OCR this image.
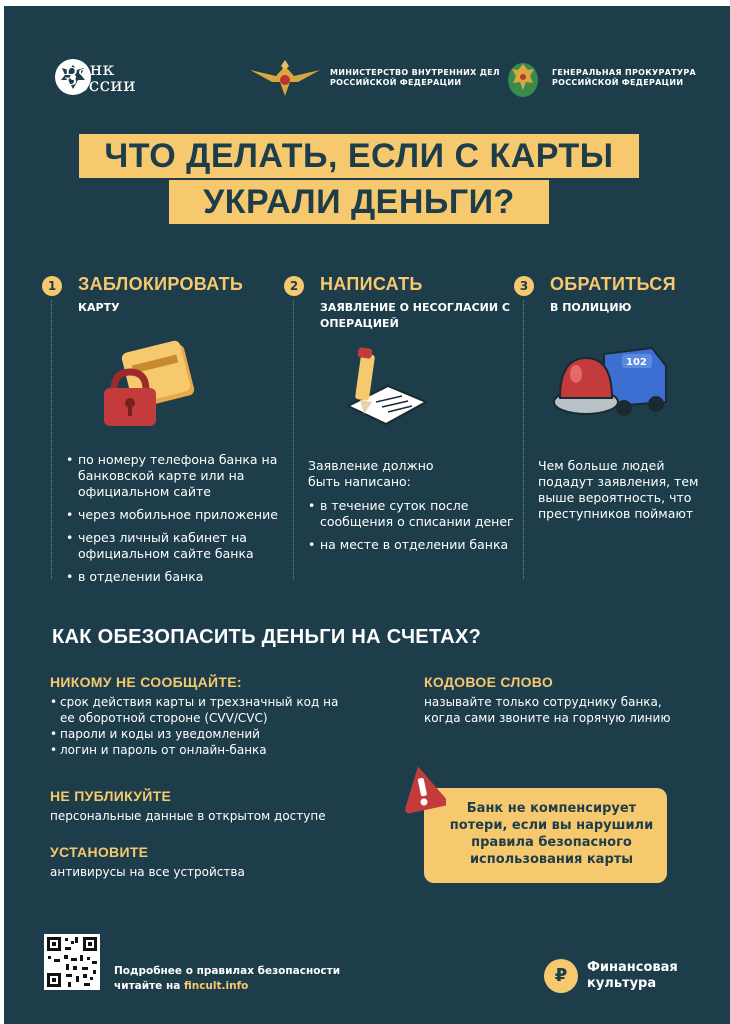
Банк России
МИНИСТЕРСТВО ВНУТРЕННИХ ДЕЛ
РОССИЙСКОЙ ФЕДЕРАЦИИ
ГЕНЕРАЛЬНАЯ ПРОКУРАТУРА
РОССИЙСКОЙ ФЕДЕРАЦИИ
ЧТО ДЕЛАТЬ, ЕСЛИ С КАРТЫ
УКРАЛИ ДЕНЬГИ?
1	ЗАБЛОКИРОВАТЬ
КАРТУ
• по номеру телефона банка на банковской карте или на официальном сайте
• через мобильное приложение
• через личный кабинет на официальном сайте банка
• в отделении банка
2	НАПИСАТЬ
ЗАЯВЛЕНИЕ О НЕСОГЛАСИИ С ОПЕРАЦИЕЙ
Заявление должно быть написано:
• в течение суток после сообщения о списании денег
• на месте в отделении банка
3	ОБРАТИТЬСЯ
В ПОЛИЦИЮ
102
Чем больше людей подадут заявления, тем выше вероятность, что преступников поймают
КАК ОБЕЗОПАСИТЬ ДЕНЬГИ НА СЧЕТАХ?
НИКОМУ НЕ СООБЩАЙТЕ:
• срок действия карты и трехзначный код на ее оборотной стороне (CVV/CVC)
• пароли и коды из уведомлений
• логин и пароль от онлайн-банка
НЕ ПУБЛИКУЙТЕ
персональные данные в открытом доступе
УСТАНОВИТЕ
антивирусы на все устройства
КОДОВОЕ СЛОВО
называйте только сотруднику банка, когда сами звоните на горячую линию
Банк не компенсирует потери, если вы нарушили правила безопасного использования карты
Подробнее о правилах безопасности
читайте на fincult.info	₽	Финансовая
культура
